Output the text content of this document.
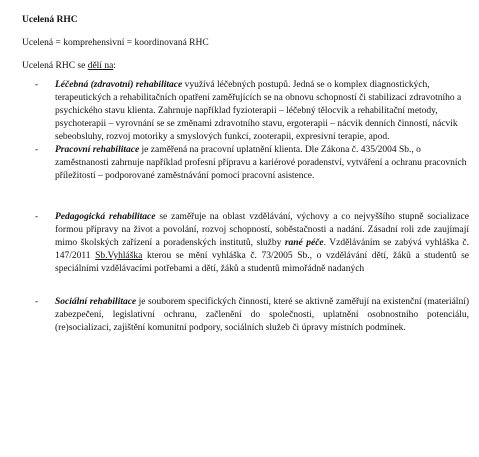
Ucelená RHC
Ucelená = komprehensivní = koordinovaná RHC
Ucelená RHC se dělí na:
- Léčebná (zdravotní) rehabilitace využívá léčebných postupů. Jedná se o komplex diagnostických, terapeutických a rehabilitačních opatření zaměřujících se na obnovu schopností či stabilizaci zdravotního a psychického stavu klienta. Zahrnuje například fyzioterapii – léčebný tělocvik a rehabilitační metody, psychoterapii – vyrovnání se se změnami zdravotního stavu, ergoterapii – nácvik denních činností, nácvik sebeobsluhy, rozvoj motoriky a smyslových funkcí, zooterapii, expresivní terapie, apod.
- Pracovní rehabilitace je zaměřená na pracovní uplatnění klienta. Dle Zákona č. 435/2004 Sb., o zaměstnanosti zahrnuje například profesní přípravu a kariérové poradenství, vytváření a ochranu pracovních příležitostí – podporované zaměstnávání pomocí pracovní asistence.
- Pedagogická rehabilitace se zaměřuje na oblast vzdělávání, výchovy a co nejvyššího stupně socializace formou přípravy na život a povolání, rozvoj schopností, soběstačnosti a nadání. Zásadní roli zde zaujímají mimo školských zařízení a poradenských institutů, služby rané péče. Vzděláváním se zabývá vyhláška č. 147/2011 Sb.Vyhláška kterou se mění vyhláška č. 73/2005 Sb., o vzdělávání dětí, žáků a studentů se speciálními vzdělávacími potřebami a dětí, žáků a studentů mimořádně nadaných
- Sociální rehabilitace je souborem specifických činností, které se aktivně zaměřují na existenční (materiální) zabezpečení, legislativní ochranu, začlenění do společnosti, uplatnění osobnostního potenciálu, (re)socializaci, zajištění komunitní podpory, sociálních služeb či úpravy místních podmínek.
